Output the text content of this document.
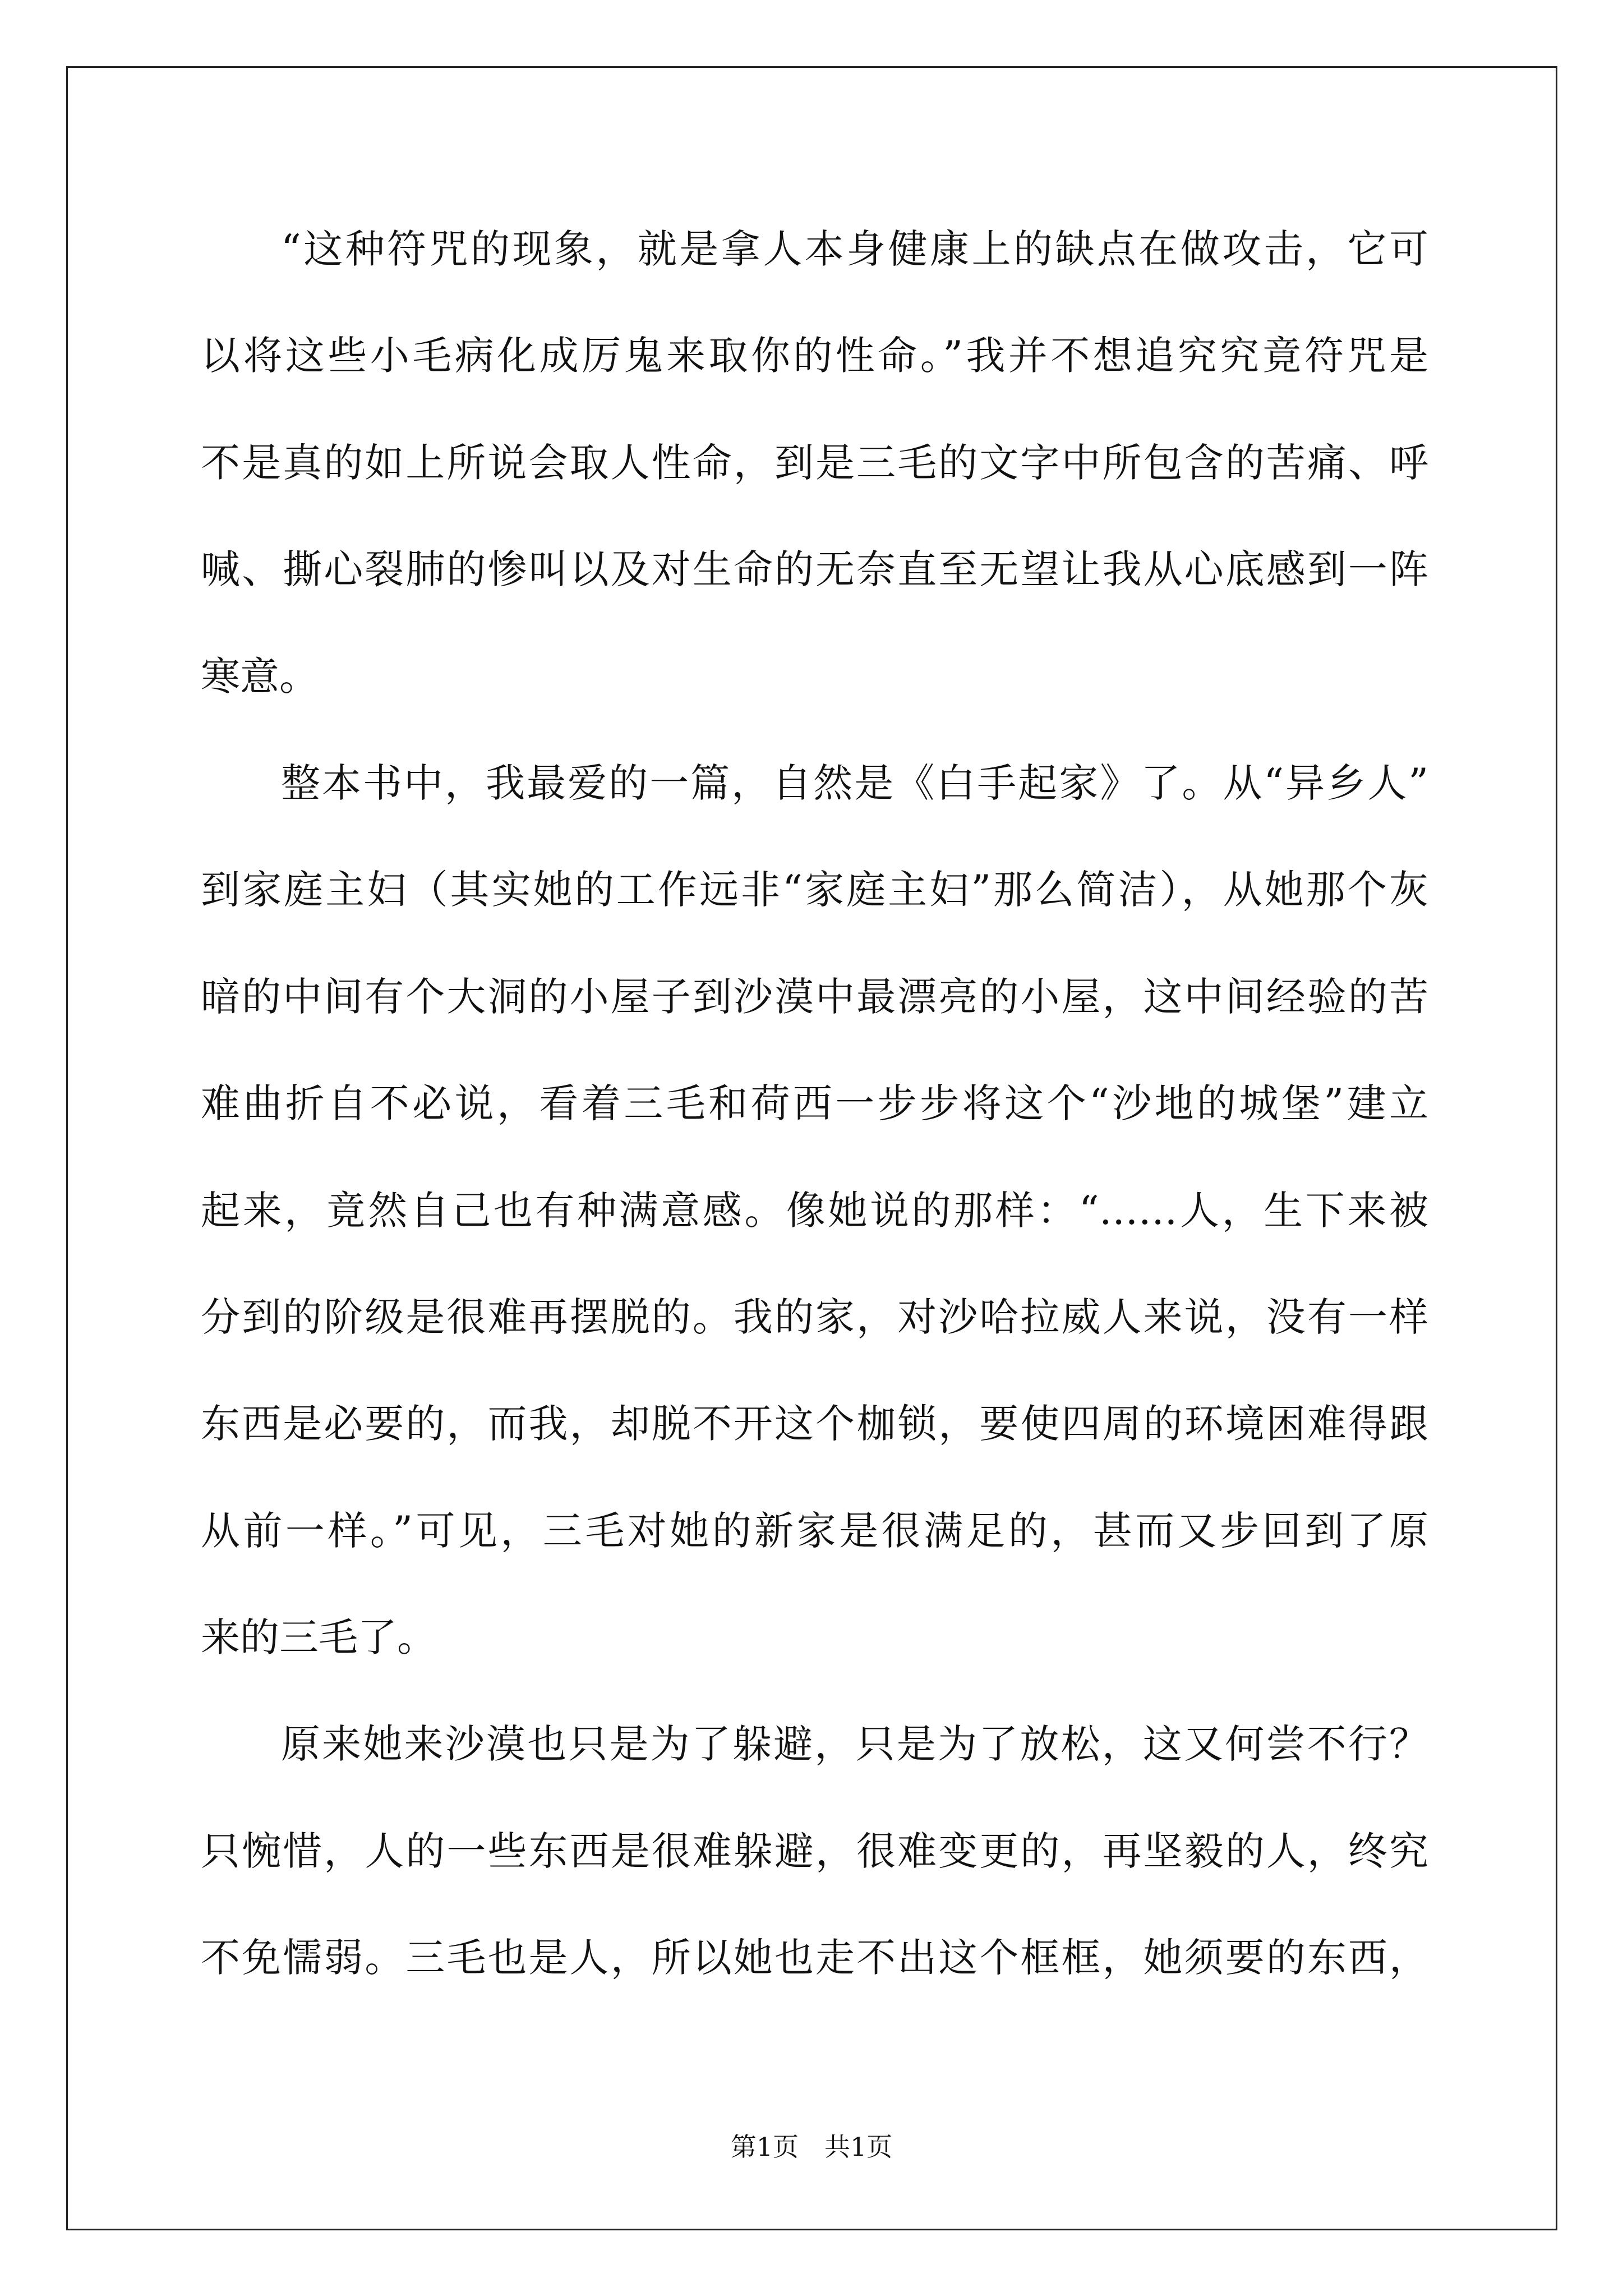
“这种符咒的现象，就是拿人本身健康上的缺点在做攻击，它可
以将这些小毛病化成厉鬼来取你的性命。”我并不想追究究竟符咒是
不是真的如上所说会取人性命，到是三毛的文字中所包含的苦痛、呼
喊、撕心裂肺的惨叫以及对生命的无奈直至无望让我从心底感到一阵
寒意。
整本书中，我最爱的一篇，自然是《白手起家》了。从“异乡人”
到家庭主妇（其实她的工作远非“家庭主妇”那么简洁），从她那个灰
暗的中间有个大洞的小屋子到沙漠中最漂亮的小屋，这中间经验的苦
难曲折自不必说，看着三毛和荷西一步步将这个“沙地的城堡”建立
起来，竟然自己也有种满意感。像她说的那样：“……人，生下来被
分到的阶级是很难再摆脱的。我的家，对沙哈拉威人来说，没有一样
东西是必要的，而我，却脱不开这个枷锁，要使四周的环境困难得跟
从前一样。”可见，三毛对她的新家是很满足的，甚而又步回到了原
来的三毛了。
原来她来沙漠也只是为了躲避，只是为了放松，这又何尝不行？
只惋惜，人的一些东西是很难躲避，很难变更的，再坚毅的人，终究
不免懦弱。三毛也是人，所以她也走不出这个框框，她须要的东西，
第1页 共1页
